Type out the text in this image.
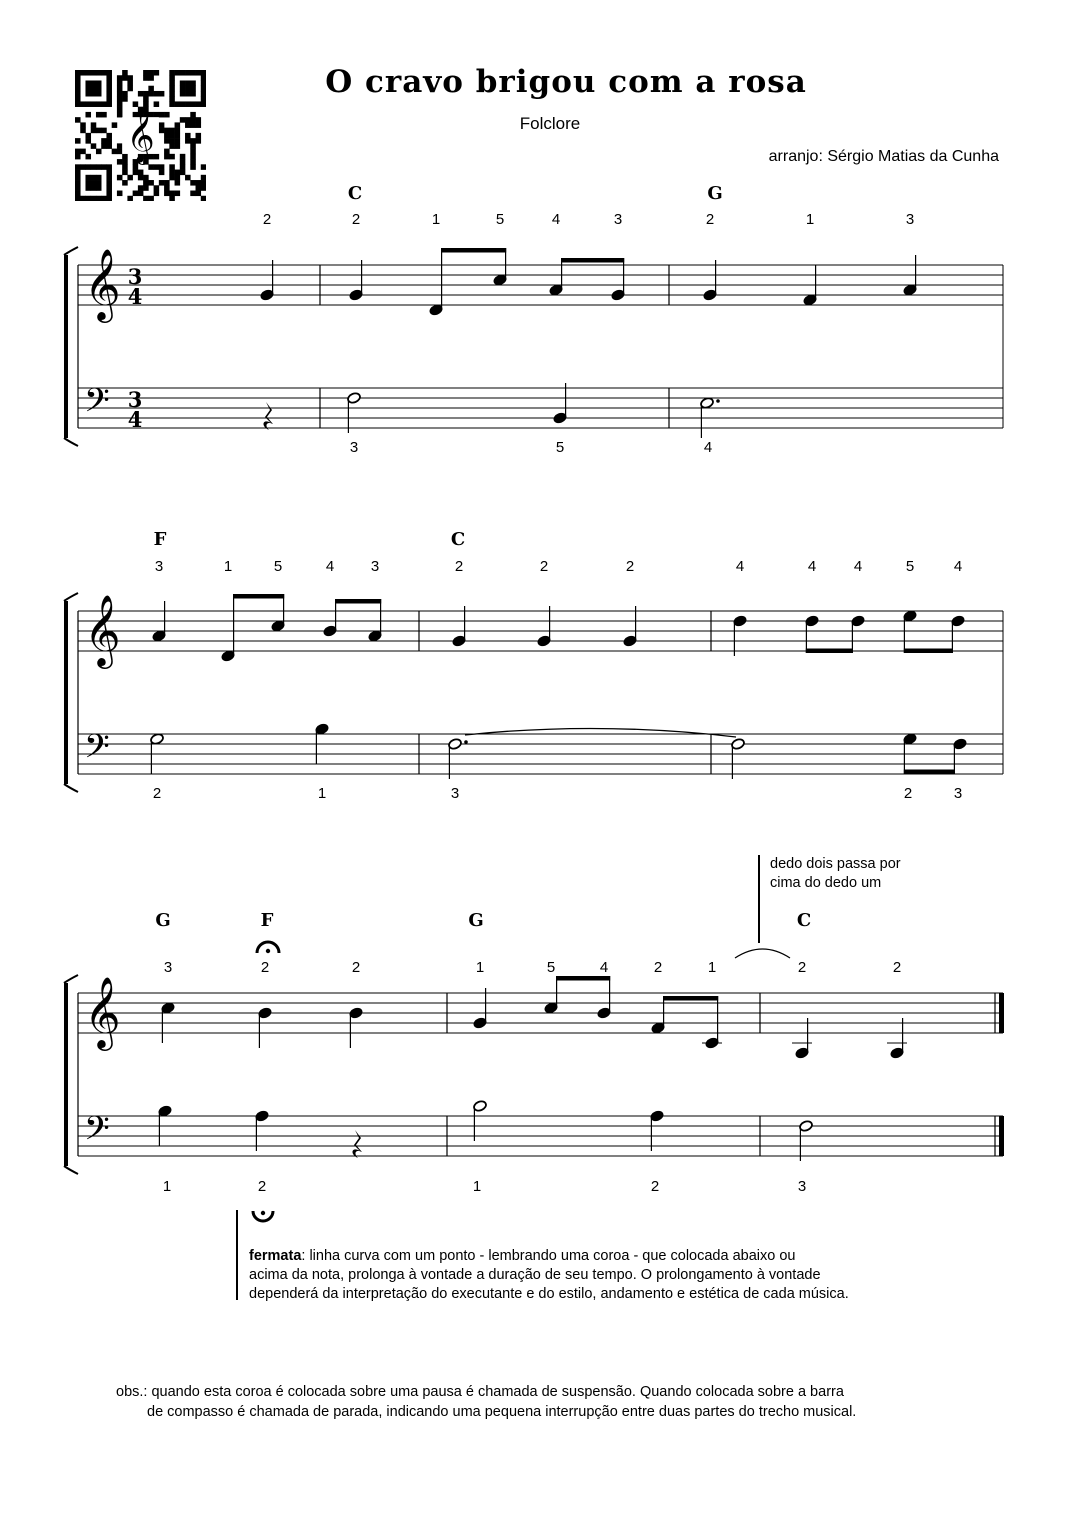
𝄞
O cravo brigou com a rosa
Folclore
arranjo: Sérgio Matias da Cunha
𝄞
𝄢
3
4
3
4
C	G
2	2	1	5	4	3	2	1	3
3	5	4
𝄞
𝄢
F	C
3	1	5	4 3	2	2	2	4	4	4	5	4
2	1	3	2	3
𝄞
𝄢
G	F	G	C
3	2	2	1	5	4	2	1	2	2
1	2	1	2	3
dedo dois passa por
cima do dedo um
fermata: linha curva com um ponto - lembrando uma coroa - que colocada abaixo ou
acima da nota, prolonga à vontade a duração de seu tempo. O prolongamento à vontade
dependerá da interpretação do executante e do estilo, andamento e estética de cada música.
obs.: quando esta coroa é colocada sobre uma pausa é chamada de suspensão. Quando colocada sobre a barra
de compasso é chamada de parada, indicando uma pequena interrupção entre duas partes do trecho musical.
